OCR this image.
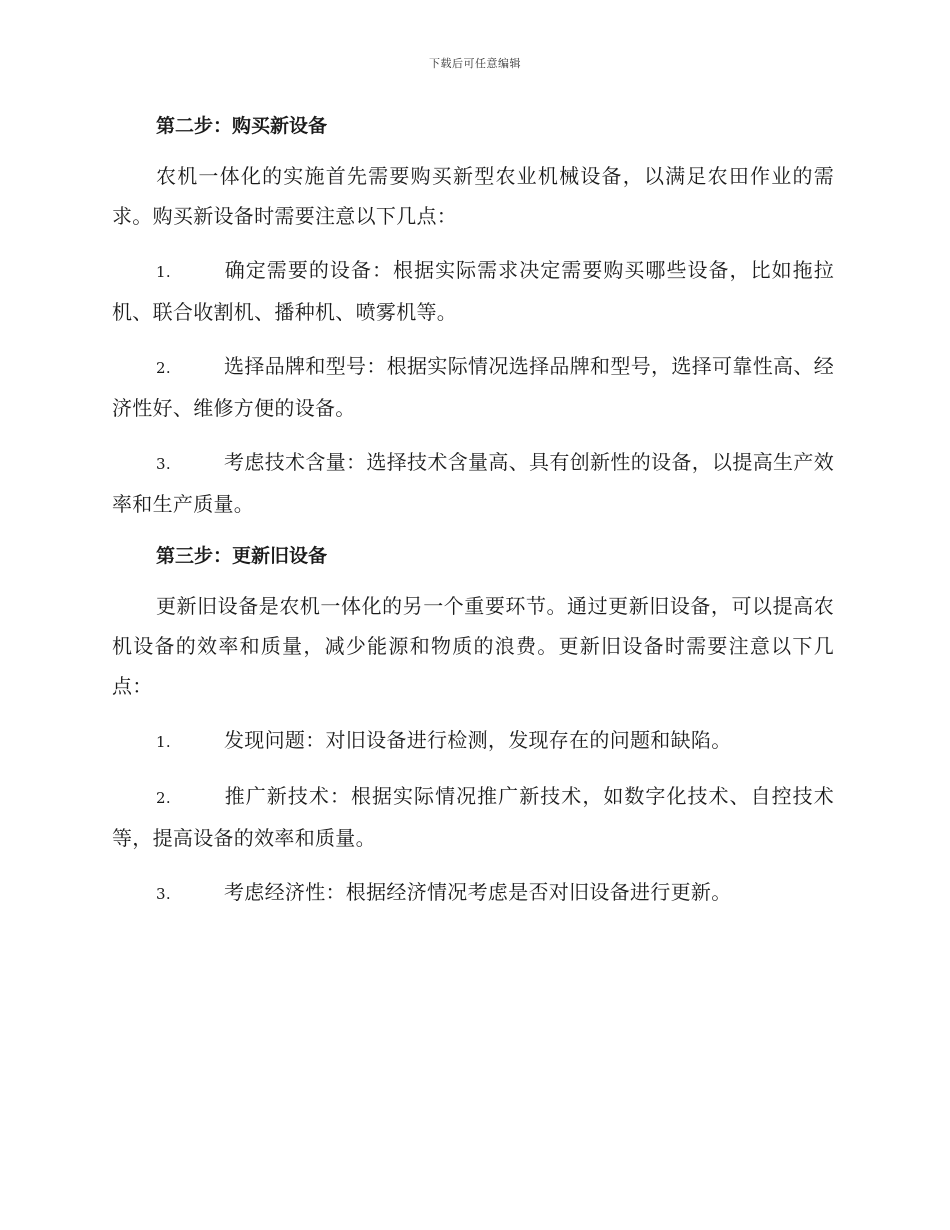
下载后可任意编辑
第二步：购买新设备

农机一体化的实施首先需要购买新型农业机械设备，以满足农田作业的需求。购买新设备时需要注意以下几点：

1.	确定需要的设备：根据实际需求决定需要购买哪些设备，比如拖拉机、联合收割机、播种机、喷雾机等。
2.	选择品牌和型号：根据实际情况选择品牌和型号，选择可靠性高、经济性好、维修方便的设备。
3.	考虑技术含量：选择技术含量高、具有创新性的设备，以提高生产效率和生产质量。
第三步：更新旧设备

更新旧设备是农机一体化的另一个重要环节。通过更新旧设备，可以提高农机设备的效率和质量，减少能源和物质的浪费。更新旧设备时需要注意以下几点：

1.	发现问题：对旧设备进行检测，发现存在的问题和缺陷。
2.	推广新技术：根据实际情况推广新技术，如数字化技术、自控技术等，提高设备的效率和质量。
3.	考虑经济性：根据经济情况考虑是否对旧设备进行更新。
